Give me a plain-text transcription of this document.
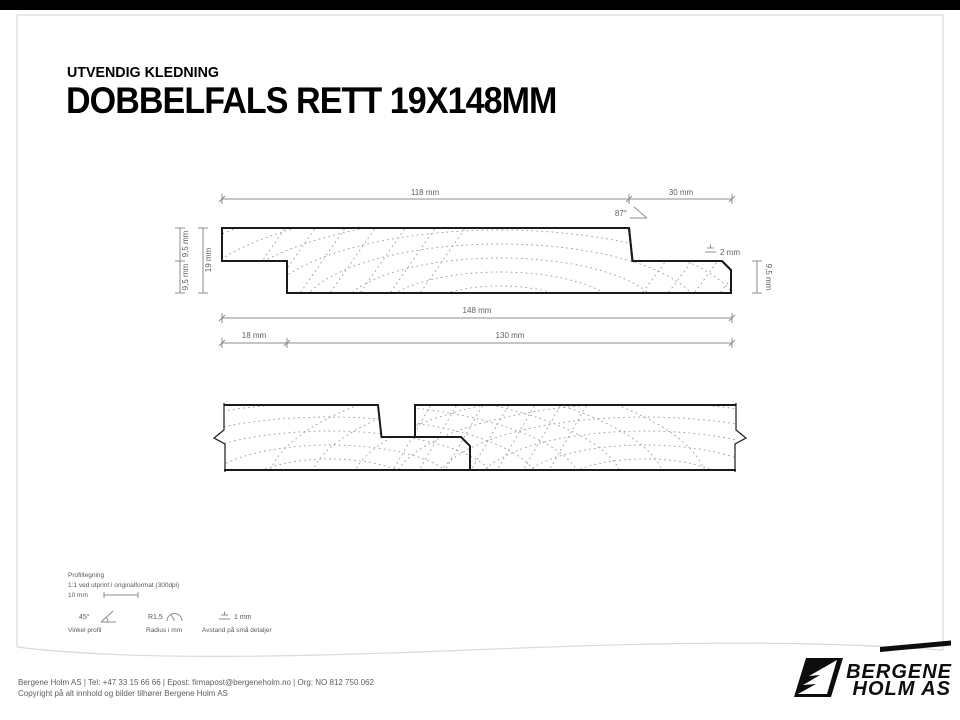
UTVENDIG KLEDNING
DOBBELFALS RETT 19X148MM
118 mm	30 mm
87°
2 mm
9,5 mm
9,5 mm
19 mm
9,5 mm
148 mm
18 mm	130 mm
BERGENE
HOLM AS
Profiltegning
1:1 ved utprint i originalformat (300dpi)
10 mm
45°	R1,5	1 mm
Vinkel profil	Radius i mm	Avstand på små detaljer
Bergene Holm AS | Tel: +47 33 15 66 66 | Epost: firmapost@bergeneholm.no | Org: NO 812 750 062
Copyright på alt innhold og bilder tilhører Bergene Holm AS
